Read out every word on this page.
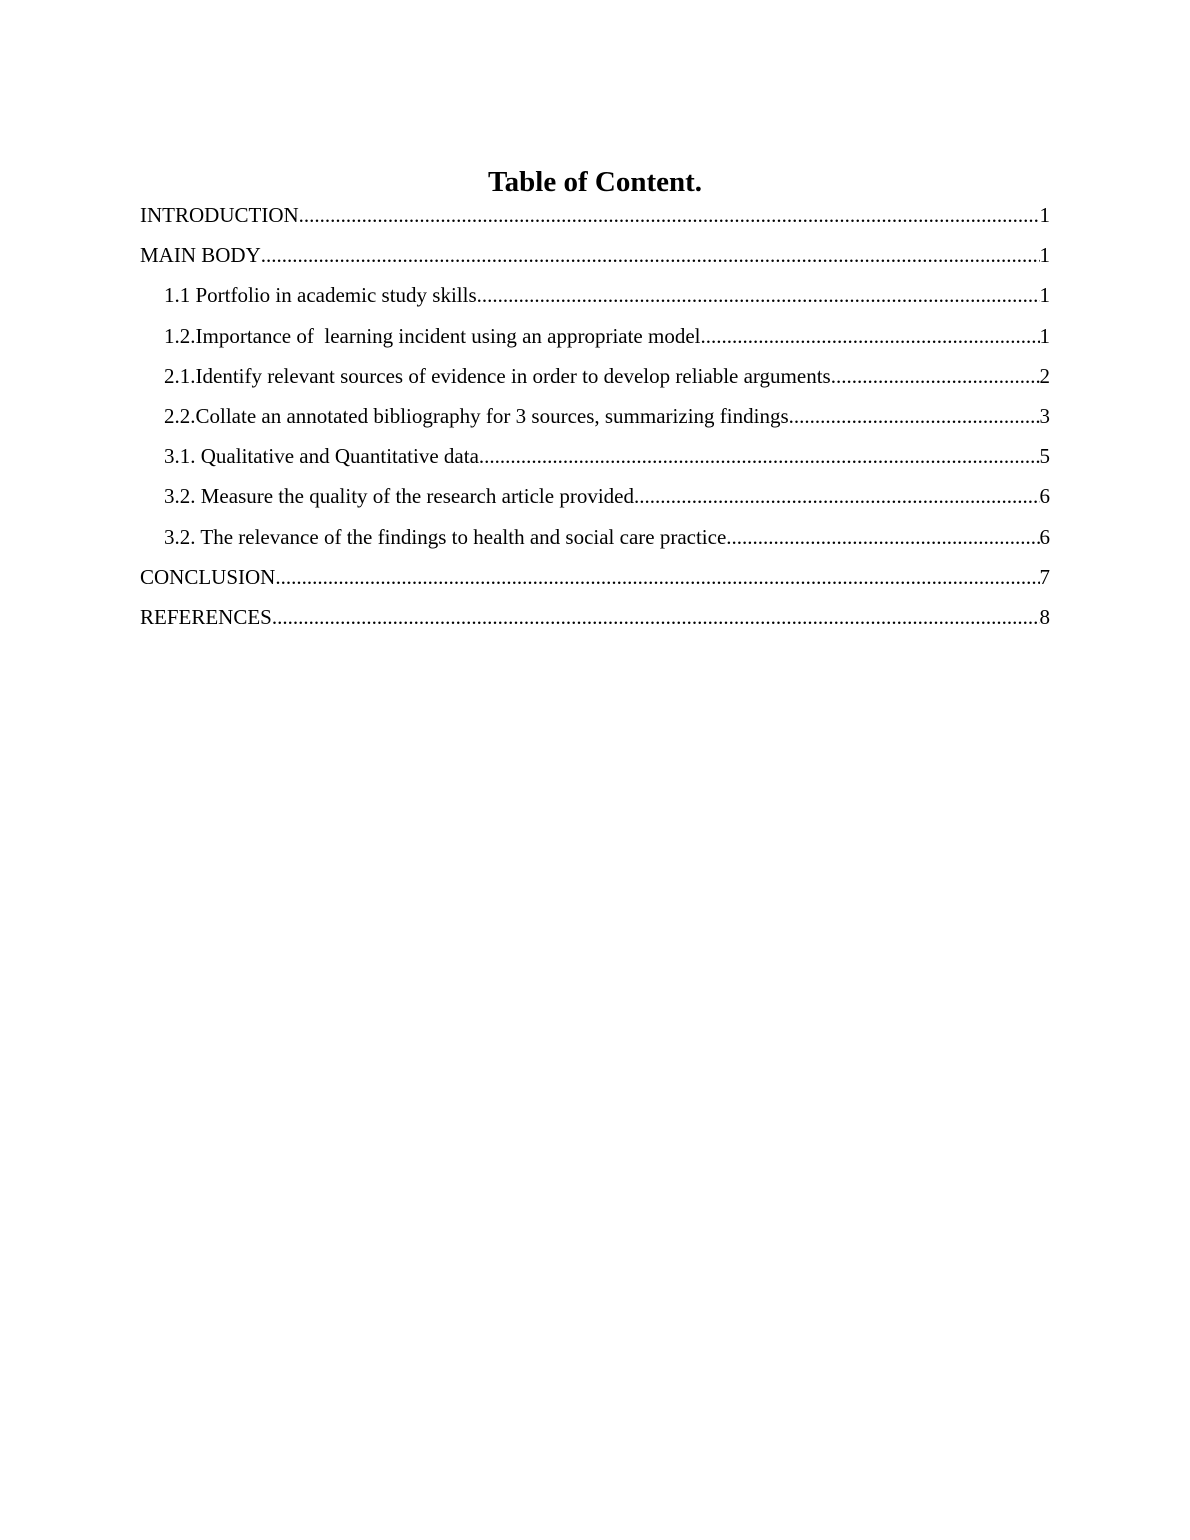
Table of Content.
INTRODUCTION .....	1
MAIN BODY .....	1
1.1 Portfolio in academic study skills .....	1
1.2.Importance of  learning incident using an appropriate model .....	1
2.1.Identify relevant sources of evidence in order to develop reliable arguments .....	2
2.2.Collate an annotated bibliography for 3 sources, summarizing findings .....	3
3.1. Qualitative and Quantitative data .....	5
3.2. Measure the quality of the research article provided .....	6
3.2. The relevance of the findings to health and social care practice .....	6
CONCLUSION .....	7
REFERENCES .....	8
